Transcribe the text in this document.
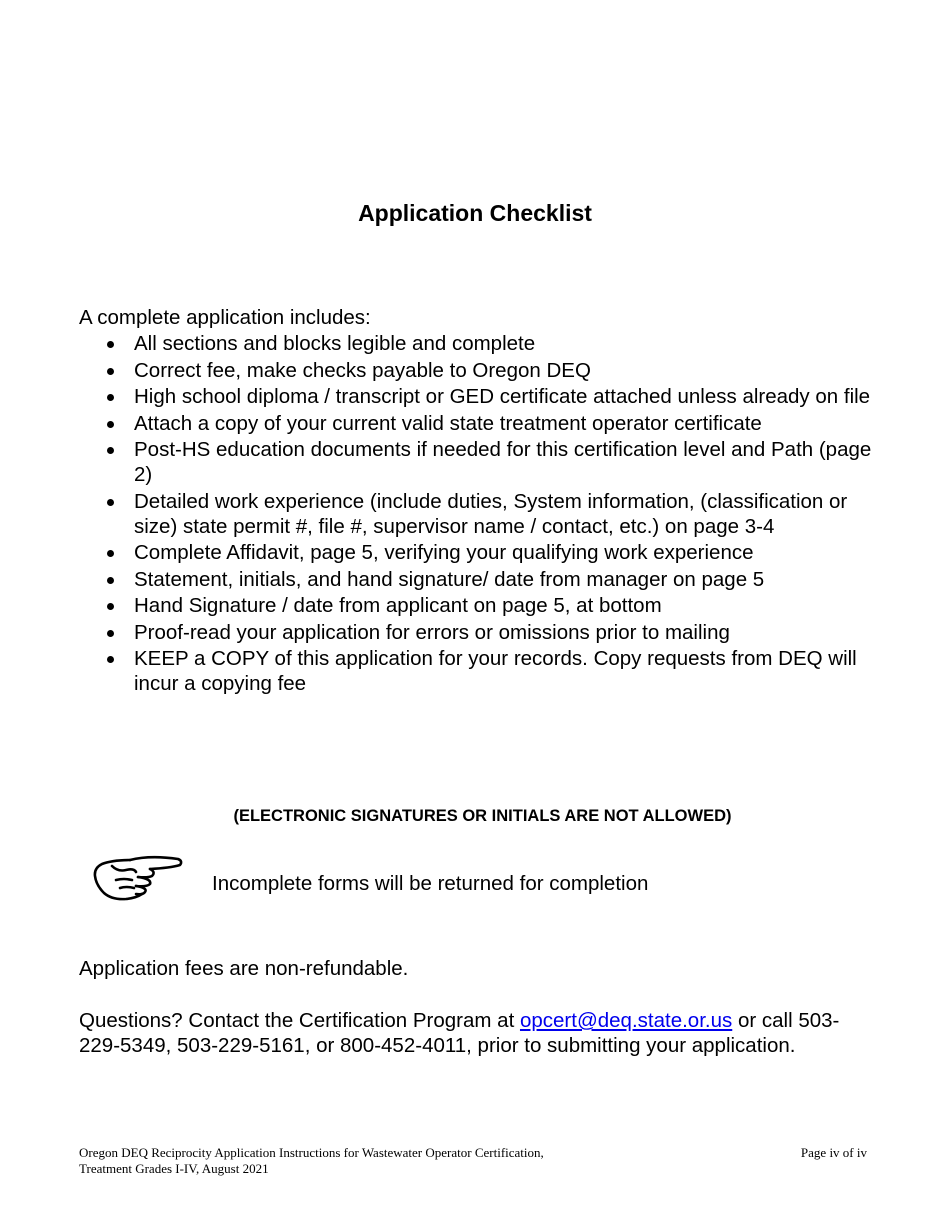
Application Checklist

A complete application includes:

All sections and blocks legible and complete
Correct fee, make checks payable to Oregon DEQ
High school diploma / transcript or GED certificate attached unless already on file
Attach a copy of your current valid state treatment operator certificate
Post-HS education documents if needed for this certification level and Path (page 2)
Detailed work experience (include duties, System information, (classification or size) state permit #, file #, supervisor name / contact, etc.) on page 3-4
Complete Affidavit, page 5, verifying your qualifying work experience
Statement, initials, and hand signature/ date from manager on page 5
Hand Signature / date from applicant on page 5, at bottom
Proof-read your application for errors or omissions prior to mailing
KEEP a COPY of this application for your records. Copy requests from DEQ will incur a copying fee

(ELECTRONIC SIGNATURES OR INITIALS ARE NOT ALLOWED)

Incomplete forms will be returned for completion

Application fees are non-refundable.

Questions? Contact the Certification Program at opcert@deq.state.or.us or call 503-229-5349, 503-229-5161, or 800-452-4011, prior to submitting your application.

Oregon DEQ Reciprocity Application Instructions for Wastewater Operator Certification,
Treatment Grades I-IV, August 2021

Page iv of iv
